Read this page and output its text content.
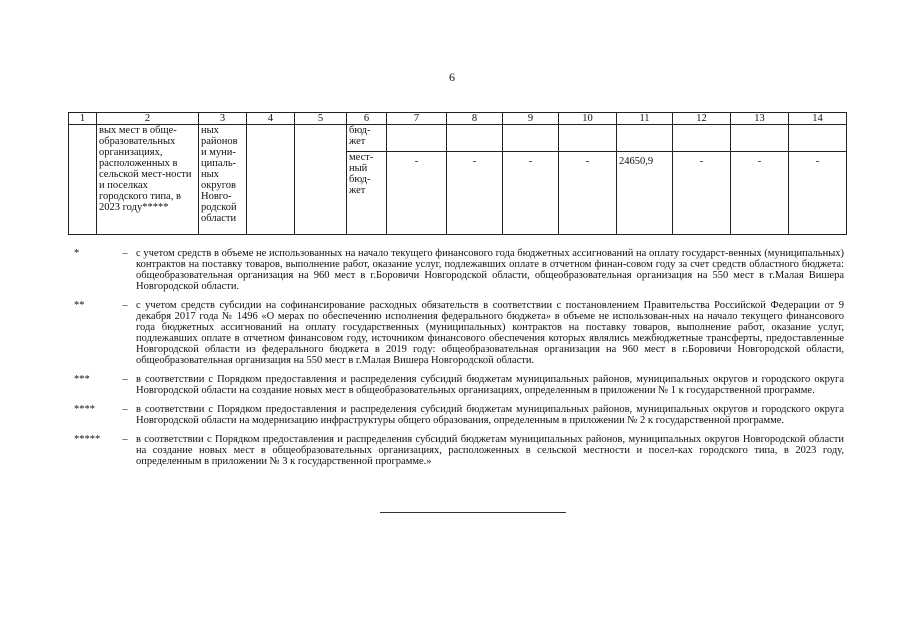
6
1	2	3	4	5	6	7	8	9	10	11	12	13	14
	вых мест в обще-образовательных организациях, расположенных в сельской мест-ности и поселках городского типа, в 2023 году*****	ных районов и муни-ципаль-ных округов Новго-родской области			бюд-жет								
					мест-ный бюд-жет	-	-	-	-	24650,9	-	-	-
*	– с учетом средств в объеме не использованных на начало текущего финансового года бюджетных ассигнований на оплату государст-венных (муниципальных) контрактов на поставку товаров, выполнение работ, оказание услуг, подлежавших оплате в отчетном финан-совом году за счет средств областного бюджета: общеобразовательная организация на 960 мест в г.Боровичи Новгородской области, общеобразовательная организация на 550 мест в г.Малая Вишера Новгородской области.
**	– с учетом средств субсидии на софинансирование расходных обязательств в соответствии с постановлением Правительства Российской Федерации от 9 декабря 2017 года № 1496 «О мерах по обеспечению исполнения федерального бюджета» в объеме не использован-ных на начало текущего финансового года бюджетных ассигнований на оплату государственных (муниципальных) контрактов на поставку товаров, выполнение работ, оказание услуг, подлежавших оплате в отчетном финансовом году, источником финансового обеспечения которых являлись межбюджетные трансферты, предоставленные Новгородской области из федерального бюджета в 2019 году: общеобразовательная организация на 960 мест в г.Боровичи Новгородской области, общеобразовательная организация на 550 мест в г.Малая Вишера Новгородской области.
***	– в соответствии с Порядком предоставления и распределения субсидий бюджетам муниципальных районов, муниципальных округов и городского округа Новгородской области на создание новых мест в общеобразовательных организациях, определенным в приложении № 1 к государственной программе.
****	– в соответствии с Порядком предоставления и распределения субсидий бюджетам муниципальных районов, муниципальных округов и городского округа Новгородской области на модернизацию инфраструктуры общего образования, определенным в приложении № 2 к государственной программе.
*****	– в соответствии с Порядком предоставления и распределения субсидий бюджетам муниципальных районов, муниципальных округов Новгородской области на создание новых мест в общеобразовательных организациях, расположенных в сельской местности и посел-ках городского типа, в 2023 году, определенным в приложении № 3 к государственной программе.»
